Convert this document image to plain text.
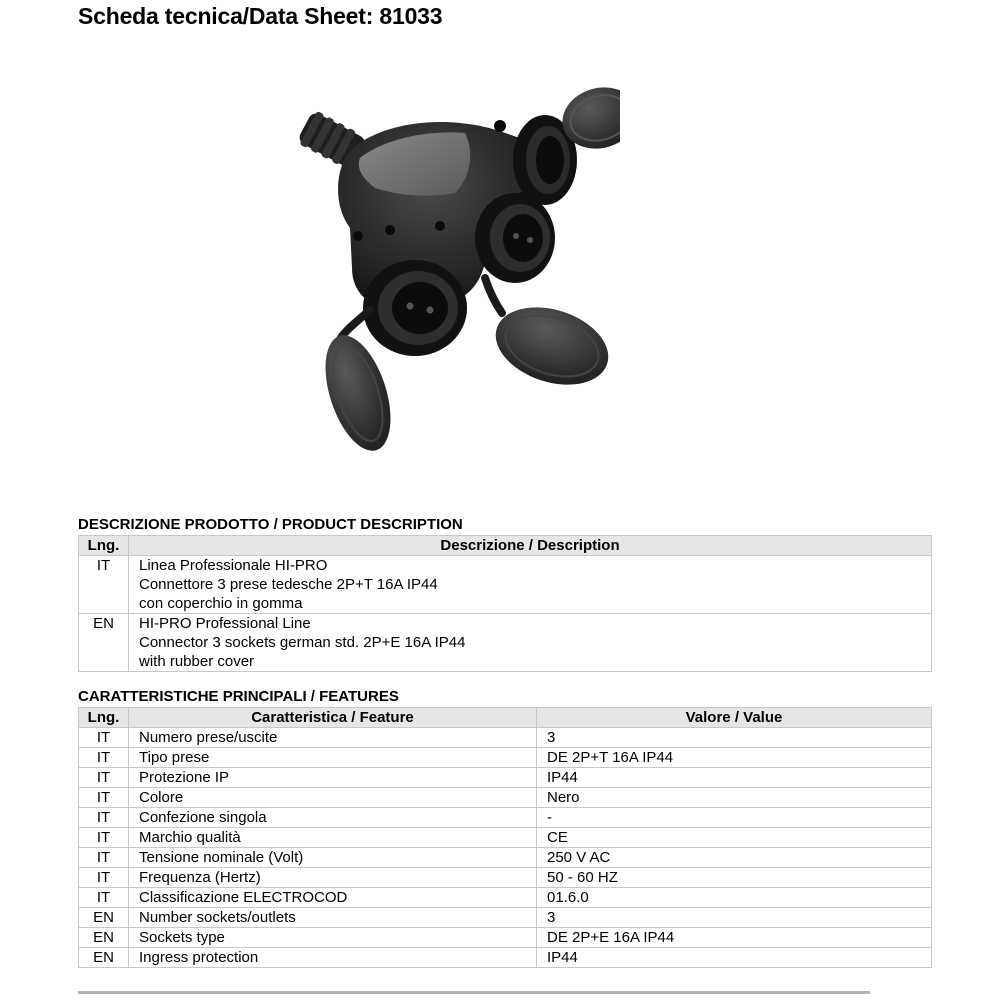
Scheda tecnica/Data Sheet: 81033
DESCRIZIONE PRODOTTO / PRODUCT DESCRIPTION
Lng.	Descrizione / Description
IT	Linea Professionale HI-PRO
Connettore 3 prese tedesche 2P+T 16A IP44
con coperchio in gomma

EN	HI-PRO Professional Line
Connector 3 sockets german std. 2P+E 16A IP44
with rubber cover
CARATTERISTICHE PRINCIPALI / FEATURES
Lng.	Caratteristica / Feature	Valore / Value
IT	Numero prese/uscite	3
IT	Tipo prese	DE 2P+T 16A IP44
IT	Protezione IP	IP44
IT	Colore	Nero
IT	Confezione singola	-
IT	Marchio qualità	CE
IT	Tensione nominale (Volt)	250 V AC
IT	Frequenza (Hertz)	50 - 60 HZ
IT	Classificazione ELECTROCOD	01.6.0
EN	Number sockets/outlets	3
EN	Sockets type	DE 2P+E 16A IP44
EN	Ingress protection	IP44
